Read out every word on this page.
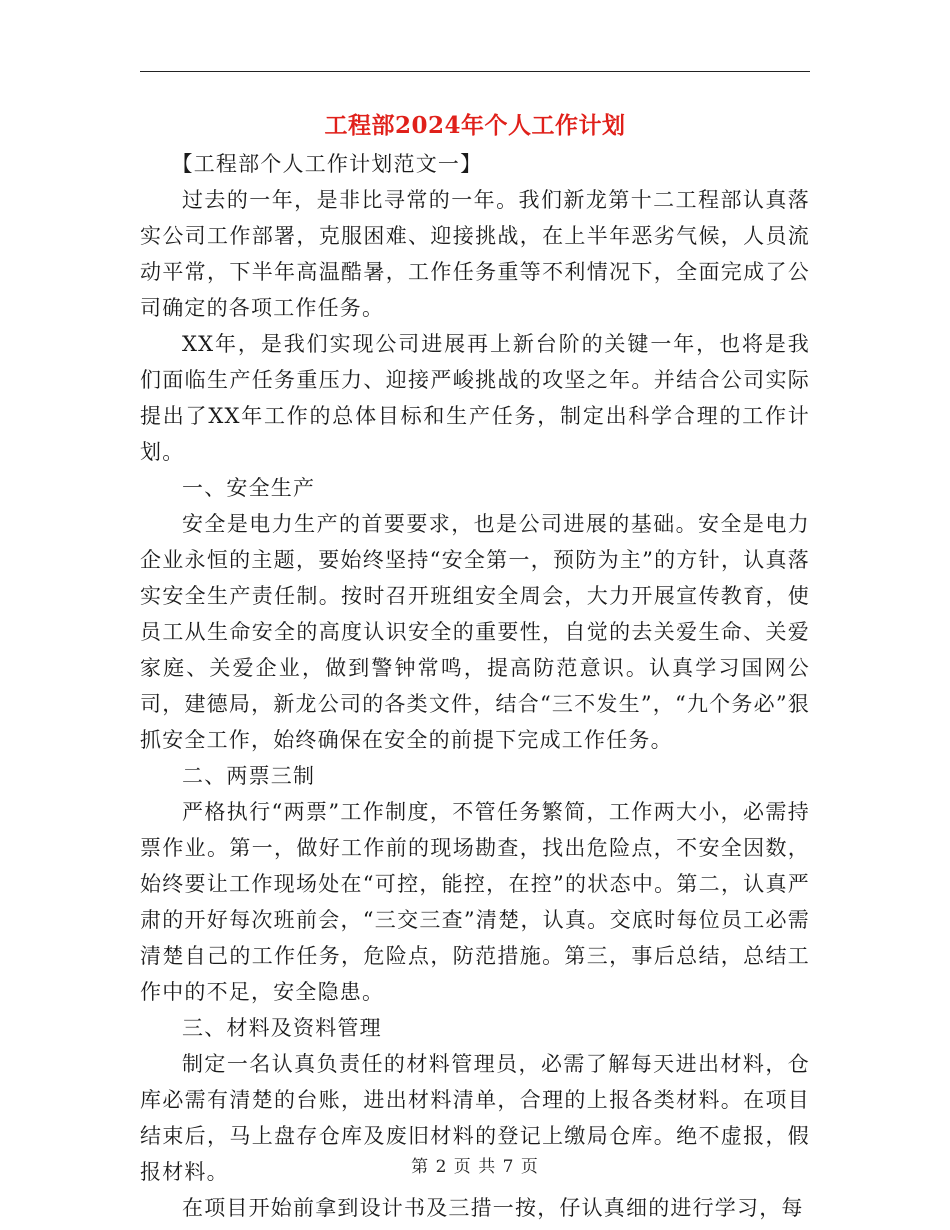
工程部2024年个人工作计划

【工程部个人工作计划范文一】

过去的一年，是非比寻常的一年。我们新龙第十二工程部认真落实公司工作部署，克服困难、迎接挑战，在上半年恶劣气候，人员流动平常，下半年高温酷暑，工作任务重等不利情况下，全面完成了公司确定的各项工作任务。

XX年，是我们实现公司进展再上新台阶的关键一年，也将是我们面临生产任务重压力、迎接严峻挑战的攻坚之年。并结合公司实际提出了XX年工作的总体目标和生产任务，制定出科学合理的工作计划。

一、安全生产

安全是电力生产的首要要求，也是公司进展的基础。安全是电力企业永恒的主题，要始终坚持“安全第一，预防为主”的方针，认真落实安全生产责任制。按时召开班组安全周会，大力开展宣传教育，使员工从生命安全的高度认识安全的重要性，自觉的去关爱生命、关爱家庭、关爱企业，做到警钟常鸣，提高防范意识。认真学习国网公司，建德局，新龙公司的各类文件，结合“三不发生”，“九个务必”狠抓安全工作，始终确保在安全的前提下完成工作任务。

二、两票三制

严格执行“两票”工作制度，不管任务繁简，工作两大小，必需持票作业。第一，做好工作前的现场勘查，找出危险点，不安全因数，始终要让工作现场处在“可控，能控，在控”的状态中。第二，认真严肃的开好每次班前会，“三交三查”清楚，认真。交底时每位员工必需清楚自己的工作任务，危险点，防范措施。第三，事后总结，总结工作中的不足，安全隐患。

三、材料及资料管理

制定一名认真负责任的材料管理员，必需了解每天进出材料，仓库必需有清楚的台账，进出材料清单，合理的上报各类材料。在项目结束后，马上盘存仓库及废旧材料的登记上缴局仓库。绝不虚报，假报材料。

在项目开始前拿到设计书及三措一按，仔认真细的进行学习，每

第 2 页 共 7 页
